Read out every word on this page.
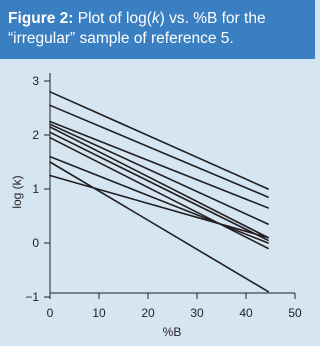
Figure 2: Plot of log(k) vs. %B for the “irregular” sample of reference 5.

−1
0
1
2
3
0	10	20	30	40	50
log (k)
%B
